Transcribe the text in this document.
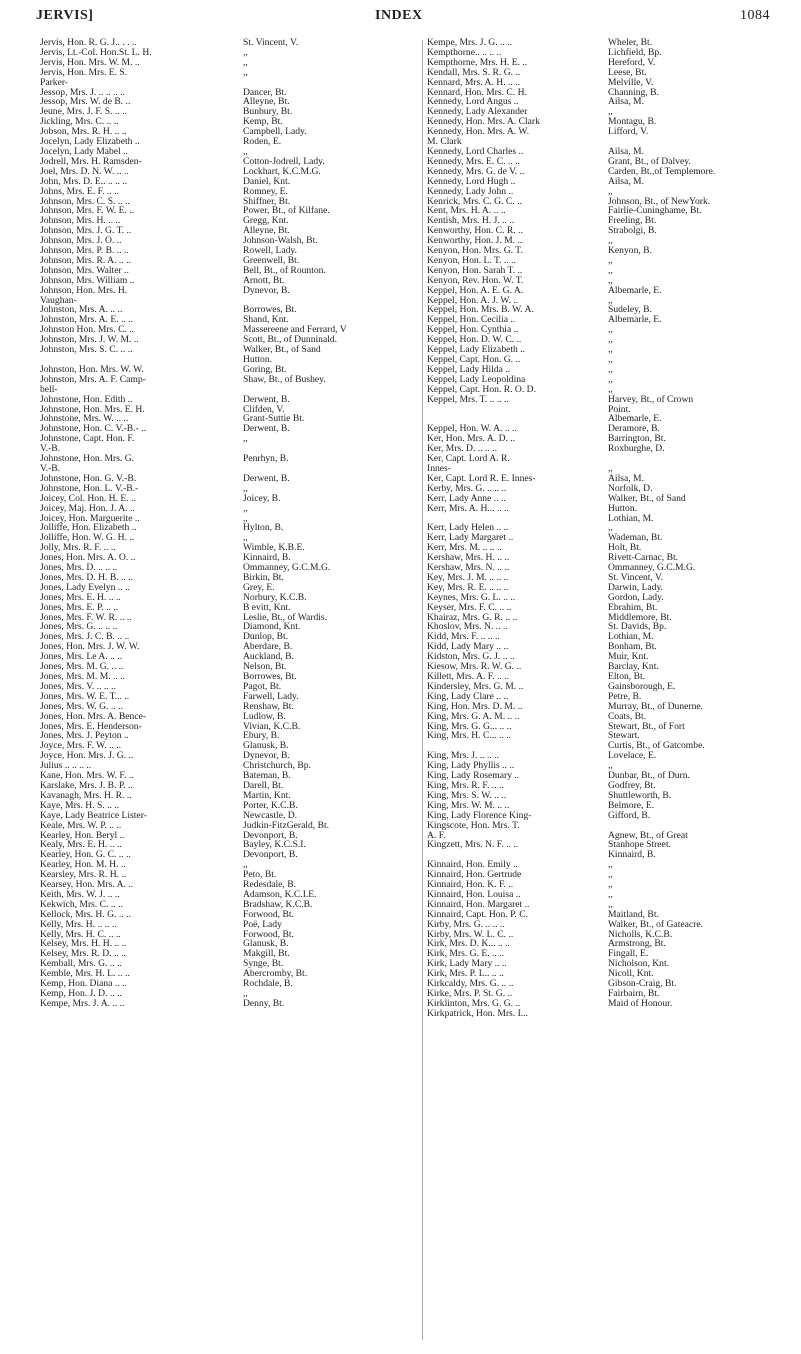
JERVIS]	INDEX	1084
Jervis, Hon. R. G. J.. . . ..
Jervis, Lt.-Col. Hon.St. L. H.
Jervis, Hon. Mrs. W. M. ..
Jervis, Hon. Mrs. E. S.
Parker-
Jessop, Mrs. J. .. .. .. ..
Jessop, Mrs. W. de B. ..
Jeune, Mrs. J. F. S. .. ..
Jickling, Mrs. C. .. ..
Jobson, Mrs. R. H. .. ..
Jocelyn, Lady Elizabeth ..
Jocelyn, Lady Mabel ..
Jodrell, Mrs. H. Ramsden-
Joel, Mrs. D. N. W. .. ..
John, Mrs. D. E.. .. .. ..
Johns, Mrs. E. F. .. ..
Johnson, Mrs. C. S. .. ..
Johnson, Mrs. F. W. E. ..
Johnson, Mrs. H. .. ..
Johnson, Mrs. J. G. T. ..
Johnson, Mrs. J. O. ..
Johnson, Mrs. P. B. .. ..
Johnson, Mrs. R. A. .. ..
Johnson, Mrs. Walter ..
Johnson, Mrs. William ..
Johnson, Hon. Mrs. H.
Vaughan-
Johnston, Mrs. A. .. ..
Johnston, Mrs. A. E. .. ..
Johnston Hon. Mrs. C. ..
Johnston, Mrs. J. W. M. ..
Johnston, Mrs. S. C. .. ..

Johnston, Hon. Mrs. W. W.
Johnston, Mrs. A. F. Camp-
bell-
Johnstone, Hon. Edith ..
Johnstone, Hon. Mrs. E. H.
Johnstone, Mrs. W. .. ..
Johnstone, Hon. C. V.-B.- ..
Johnstone, Capt. Hon. F.
V.-B.
Johnstone, Hon. Mrs. G.
V.-B.
Johnstone, Hon. G. V.-B.
Johnstone, Hon. L. V.-B.-
Joicey, Col. Hon. H. E. ..
Joicey, Maj. Hon. J. A. ..
Joicey, Hon. Marguerite ..
Jolliffe, Hon. Elizabeth ..
Jolliffe, Hon. W. G. H. ..
Jolly, Mrs. R. F. .. ..
Jones, Hon. Mrs. A. O. ..
Jones, Mrs. D. .. .. ..
Jones, Mrs. D. H. B. .. ..
Jones, Lady Evelyn .. ..
Jones, Mrs. E. H. .. ..
Jones, Mrs. E. P. .. ..
Jones, Mrs. F. W. R. .. ..
Jones, Mrs. G. .. .. ..
Jones, Mrs. J. C. B. .. ..
Jones, Hon. Mrs. J. W. W.
Jones, Mrs. Le A. .. ..
Jones, Mrs. M. G. .. ..
Jones, Mrs. M. M. .. ..
Jones, Mrs. V. .. .. ..
Jones, Mrs. W. E. T... ..
Jones, Mrs. W. G. .. ..
Jones, Hon. Mrs. A. Bence-
Jones, Mrs. E. Henderson-
Jones, Mrs. J. Peyton ..
Joyce, Mrs. F. W. .. ..
Joyce, Hon. Mrs. J. G. ..
Julius .. .. .. ..
Kane, Hon. Mrs. W. F. ..
Karslake, Mrs. J. B. P. ..
Kavanagh, Mrs. H. R. ..
Kaye, Mrs. H. S. .. ..
Kaye, Lady Beatrice Lister-
Keale, Mrs. W. P. .. ..
Kearley, Hon. Beryl ..
Kealy, Mrs. E. H. .. ..
Kearley, Hon. G. C. .. ..
Kearley, Hon. M. H. ..
Kearsley, Mrs. R. H. ..
Kearsey, Hon. Mrs. A. ..
Keith, Mrs. W. J. .. ..
Kekwich, Mrs. C. .. ..
Kellock, Mrs. H. G. .. ..
Kelly, Mrs. H. .. .. ..
Kelly, Mrs. H. C. .. ..
Kelsey, Mrs. H. H. .. ..
Kelsey, Mrs. R. D. .. ..
Kemball, Mrs. G. .. ..
Kemble, Mrs. H. L. .. ..
Kemp, Hon. Diana .. ..
Kemp, Hon. J. D. .. ..
Kempe, Mrs. J. A. .. ..
St. Vincent, V.
,,
,,
,,

Dancer, Bt.
Alleyne, Bt.
Bunbury, Bt.
Kemp, Bt.
Campbell, Lady.
Roden, E.
,,
Cotton-Jodrell, Lady.
Lockhart, K.C.M.G.
Daniel, Knt.
Romney, E.
Shiffner, Bt.
Power, Bt., of Kilfane.
Gregg, Knt.
Alleyne, Bt.
Johnson-Walsh, Bt.
Rowell, Lady.
Greenwell, Bt.
Bell, Bt., of Rounton.
Arnott, Bt.
Dynevor, B.

Borrowes, Bt.
Shand, Knt.
Massereene and Ferrard, V
Scott, Bt., of Dunninald.
Walker, Bt., of Sand
Hutton.
Goring, Bt.
Shaw, Bt., of Bushey.

Derwent, B.
Clifden, V.
Grant-Suttie Bt.
Derwent, B.
,,

Penrhyn, B.

Derwent, B.
,,
Joicey, B.
,,
,,
Hylton, B.
,,
Wimble, K.B.E.
Kinnaird, B.
Ommanney, G.C.M.G.
Birkin, Bt.
Grey, E.
Norbury, K.C.B.
B evitt, Knt.
Leslie, Bt., of Wardis.
Diamond, Knt.
Dunlop, Bt.
Aberdare, B.
Auckland, B.
Nelson, Bt.
Borrowes, Bt.
Pagot, Bt.
Farwell, Lady.
Renshaw, Bt.
Ludlow, B.
Vivian, K.C.B.
Ebury, B.
Glanusk, B.
Dynevor, B.
Christchurch, Bp.
Bateman, B.
Darell, Bt.
Martin, Knt.
Porter, K.C.B.
Newcastle, D.
Judkin-FitzGerald, Bt.
Devonport, B.
Bayley, K.C.S.I.
Devonport, B.
,,
Peto, Bt.
Redesdale, B.
Adamson, K.C.I.E.
Bradshaw, K.C.B.
Forwood, Bt.
Poë, Lady
Forwood, Bt.
Glanusk, B.
Makgill, Bt.
Synge, Bt.
Abercromby, Bt.
Rochdale, B.
,,
Denny, Bt.
Kempe, Mrs. J. G. .. ..
Kempthorne.. .. .. ..
Kempthorne, Mrs. H. E. ..
Kendall, Mrs. S. R. G. ..
Kennard, Mrs. A. H. .. ..
Kennard, Hon. Mrs. C. H.
Kennedy, Lord Angus ..
Kennedy, Lady Alexander
Kennedy, Hon. Mrs. A. Clark
Kennedy, Hon. Mrs. A. W.
M. Clark
Kennedy, Lord Charles ..
Kennedy, Mrs. E. C. .. ..
Kennedy, Mrs. G. de V. ..
Kennedy, Lord Hugh ..
Kennedy, Lady John ..
Kenrick, Mrs. C. G. C. ..
Kent, Mrs. H. A. .. ..
Kentish, Mrs. H. J. .. ..
Kenworthy, Hon. C. R. ..
Kenworthy, Hon. J. M. ..
Kenyon, Hon. Mrs. G. T.
Kenyon, Hon. L. T. .. ..
Kenyon, Hon. Sarah T. ..
Kenyon, Rev. Hon. W. T.
Keppel, Hon. A. E. G. A.
Keppel, Hon. A. J. W. ..
Keppel, Hon. Mrs. B. W. A.
Keppel, Hon. Cecilia ..
Keppel, Hon. Cynthia ..
Keppel, Hon. D. W. C. ..
Keppel, Lady Elizabeth ..
Keppel, Capt. Hon. G. ..
Keppel, Lady Hilda ..
Keppel, Lady Leopoldina
Keppel, Capt. Hon. R. O. D.
Keppel, Mrs. T. .. .. ..

Keppel, Hon. W. A. .. ..
Ker, Hon. Mrs. A. D. ..
Ker, Mrs. D. .. .. ..
Ker, Capt. Lord A. R.
Innes-
Ker, Capt. Lord R. E. Innes-
Kerby, Mrs. G. .. .. ..
Kerr, Lady Anne .. ..
Kerr, Mrs. A. H... .. ..

Kerr, Lady Helen .. ..
Kerr, Lady Margaret ..
Kerr, Mrs. M. .. .. ..
Kershaw, Mrs. H. .. ..
Kershaw, Mrs. N. .. ..
Key, Mrs. J. M. .. .. ..
Key, Mrs. R. E. .. .. ..
Keynes, Mrs. G. L. .. ..
Keyser, Mrs. F. C. .. ..
Khairaz, Mrs. G. R. .. ..
Khoslov, Mrs. N. .. ..
Kidd, Mrs. F. .. .. ..
Kidd, Lady Mary .. ..
Kidston, Mrs. G. J. .. ..
Kiesow, Mrs. R. W. G. ..
Killett, Mrs. A. F. .. ..
Kindersley, Mrs. G. M. ..
King, Lady Clare .. ..
King, Hon. Mrs. D. M. ..
King, Mrs. G. A. M. .. ..
King, Mrs. G. G... .. ..
King, Mrs. H. C... .. ..

King, Mrs. J. .. .. ..
King, Lady Phyllis .. ..
King, Lady Rosemary ..
King, Mrs. R. F. .. ..
King, Mrs. S. W. .. ..
King, Mrs. W. M. .. ..
King, Lady Florence King-
Kingscote, Hon. Mrs. T.
A. F.
Kingzett, Mrs. N. F. .. ..

Kinnaird, Hon. Emily ..
Kinnaird, Hon. Gertrude
Kinnaird, Hon. K. F. ..
Kinnaird, Hon. Louisa ..
Kinnaird, Hon. Margaret ..
Kinnaird, Capt. Hon. P. C.
Kirby, Mrs. G. .. .. ..
Kirby, Mrs. W. L. C. ..
Kirk, Mrs. D. K... .. ..
Kirk, Mrs. G. E. .. ..
Kirk, Lady Mary .. ..
Kirk, Mrs. P. L.. .. ..
Kirkcaldy, Mrs. G. .. ..
Kirke, Mrs. P. St. G. ..
Kirklinton, Mrs. G. G. ..
Kirkpatrick, Hon. Mrs. I...
Wheler, Bt.
Lichfield, Bp.
Hereford, V.
Leese, Bt.
Melville, V.
Channing, B.
Ailsa, M.
,,
Montagu, B.
Lifford, V.

Ailsa, M.
Grant, Bt., of Dalvey.
Carden, Bt.,of Templemore.
Ailsa, M.
,,
Johnson, Bt., of NewYork.
Fairlie-Cuninghame, Bt.
Freeling, Bt.
Strabolgi, B.
,,
Kenyon, B.
,,
,,
,,
Albemarle, E.
,,
Sudeley, B.
Albemarle, E.
,,
,,
,,
,,
,,
,,
,,
Harvey, Bt., of Crown
Point.
Albemarle, E.
Deramore, B.
Barrington, Bt.
Roxburghe, D.

,,
Ailsa, M.
Norfolk, D.
Walker, Bt., of Sand
Hutton.
Lothian, M.
,,
Wademan, Bt.
Holt, Bt.
Rivett-Carnac, Bt.
Ommanney, G.C.M.G.
St. Vincent, V.
Darwin, Lady.
Gordon, Lady.
Ebrahim, Bt.
Middlemore, Bt.
St. Davids, Bp.
Lothian, M.
Bonham, Bt.
Muir, Knt.
Barclay, Knt.
Elton, Bt.
Gainsborough, E.
Petre, B.
Murray, Bt., of Dunerne.
Coats, Bt.
Stewart, Bt., of Fort
Stewart.
Curtis, Bt., of Gatcombe.
Lovelace, E.
,,
Dunbar, Bt., of Durn.
Godfrey, Bt.
Shuttleworth, B.
Belmore, E.
Gifford, B.

Agnew, Bt., of Great
Stanhope Street.
Kinnaird, B.
,,
,,
,,
,,
,,
Maitland, Bt.
Walker, Bt., of Gateacre.
Nicholls, K.C.B.
Armstrong, Bt.
Fingall, E.
Nicholson, Knt.
Nicoll, Knt.
Gibson-Craig, Bt.
Fairbairn, Bt.
Maid of Honour.
